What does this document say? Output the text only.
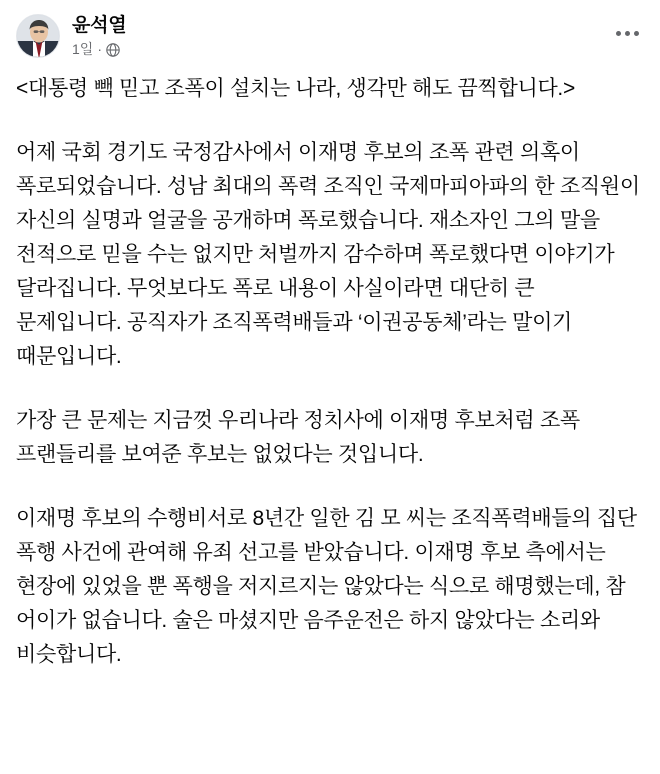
윤석열
1일 ·

<대통령 빽 믿고 조폭이 설치는 나라, 생각만 해도 끔찍합니다.>

어제 국회 경기도 국정감사에서 이재명 후보의 조폭 관련 의혹이 폭로되었습니다. 성남 최대의 폭력 조직인 국제마피아파의 한 조직원이 자신의 실명과 얼굴을 공개하며 폭로했습니다. 재소자인 그의 말을 전적으로 믿을 수는 없지만 처벌까지 감수하며 폭로했다면 이야기가 달라집니다. 무엇보다도 폭로 내용이 사실이라면 대단히 큰 문제입니다. 공직자가 조직폭력배들과 ‘이권공동체’라는 말이기 때문입니다.

가장 큰 문제는 지금껏 우리나라 정치사에 이재명 후보처럼 조폭 프랜들리를 보여준 후보는 없었다는 것입니다.

이재명 후보의 수행비서로 8년간 일한 김 모 씨는 조직폭력배들의 집단 폭행 사건에 관여해 유죄 선고를 받았습니다. 이재명 후보 측에서는 현장에 있었을 뿐 폭행을 저지르지는 않았다는 식으로 해명했는데, 참 어이가 없습니다. 술은 마셨지만 음주운전은 하지 않았다는 소리와 비슷합니다.
